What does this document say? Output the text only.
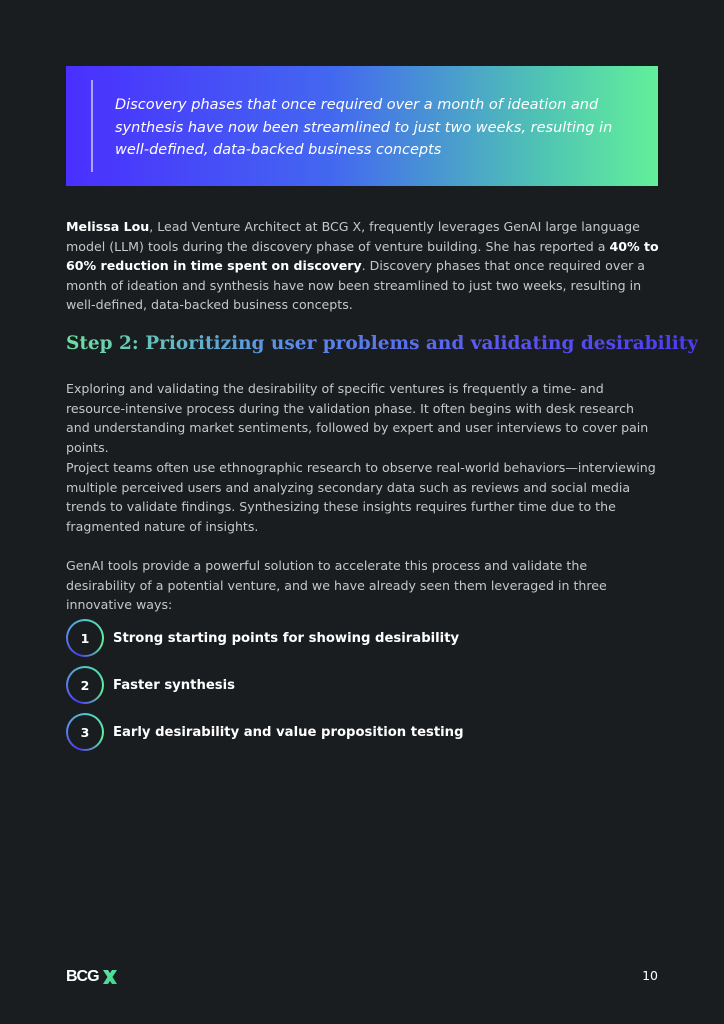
Discovery phases that once required over a month of ideation and synthesis have now been streamlined to just two weeks, resulting in well-defined, data-backed business concepts

Melissa Lou, Lead Venture Architect at BCG X, frequently leverages GenAI large language model (LLM) tools during the discovery phase of venture building. She has reported a 40% to 60% reduction in time spent on discovery. Discovery phases that once required over a month of ideation and synthesis have now been streamlined to just two weeks, resulting in well-defined, data-backed business concepts.

Step 2: Prioritizing user problems and validating desirability

Exploring and validating the desirability of specific ventures is frequently a time- and resource-intensive process during the validation phase. It often begins with desk research and understanding market sentiments, followed by expert and user interviews to cover pain points.

Project teams often use ethnographic research to observe real-world behaviors—interviewing multiple perceived users and analyzing secondary data such as reviews and social media trends to validate findings. Synthesizing these insights requires further time due to the fragmented nature of insights.

GenAI tools provide a powerful solution to accelerate this process and validate the desirability of a potential venture, and we have already seen them leveraged in three innovative ways:

1	Strong starting points for showing desirability
2	Faster synthesis
3	Early desirability and value proposition testing
BCG	10
